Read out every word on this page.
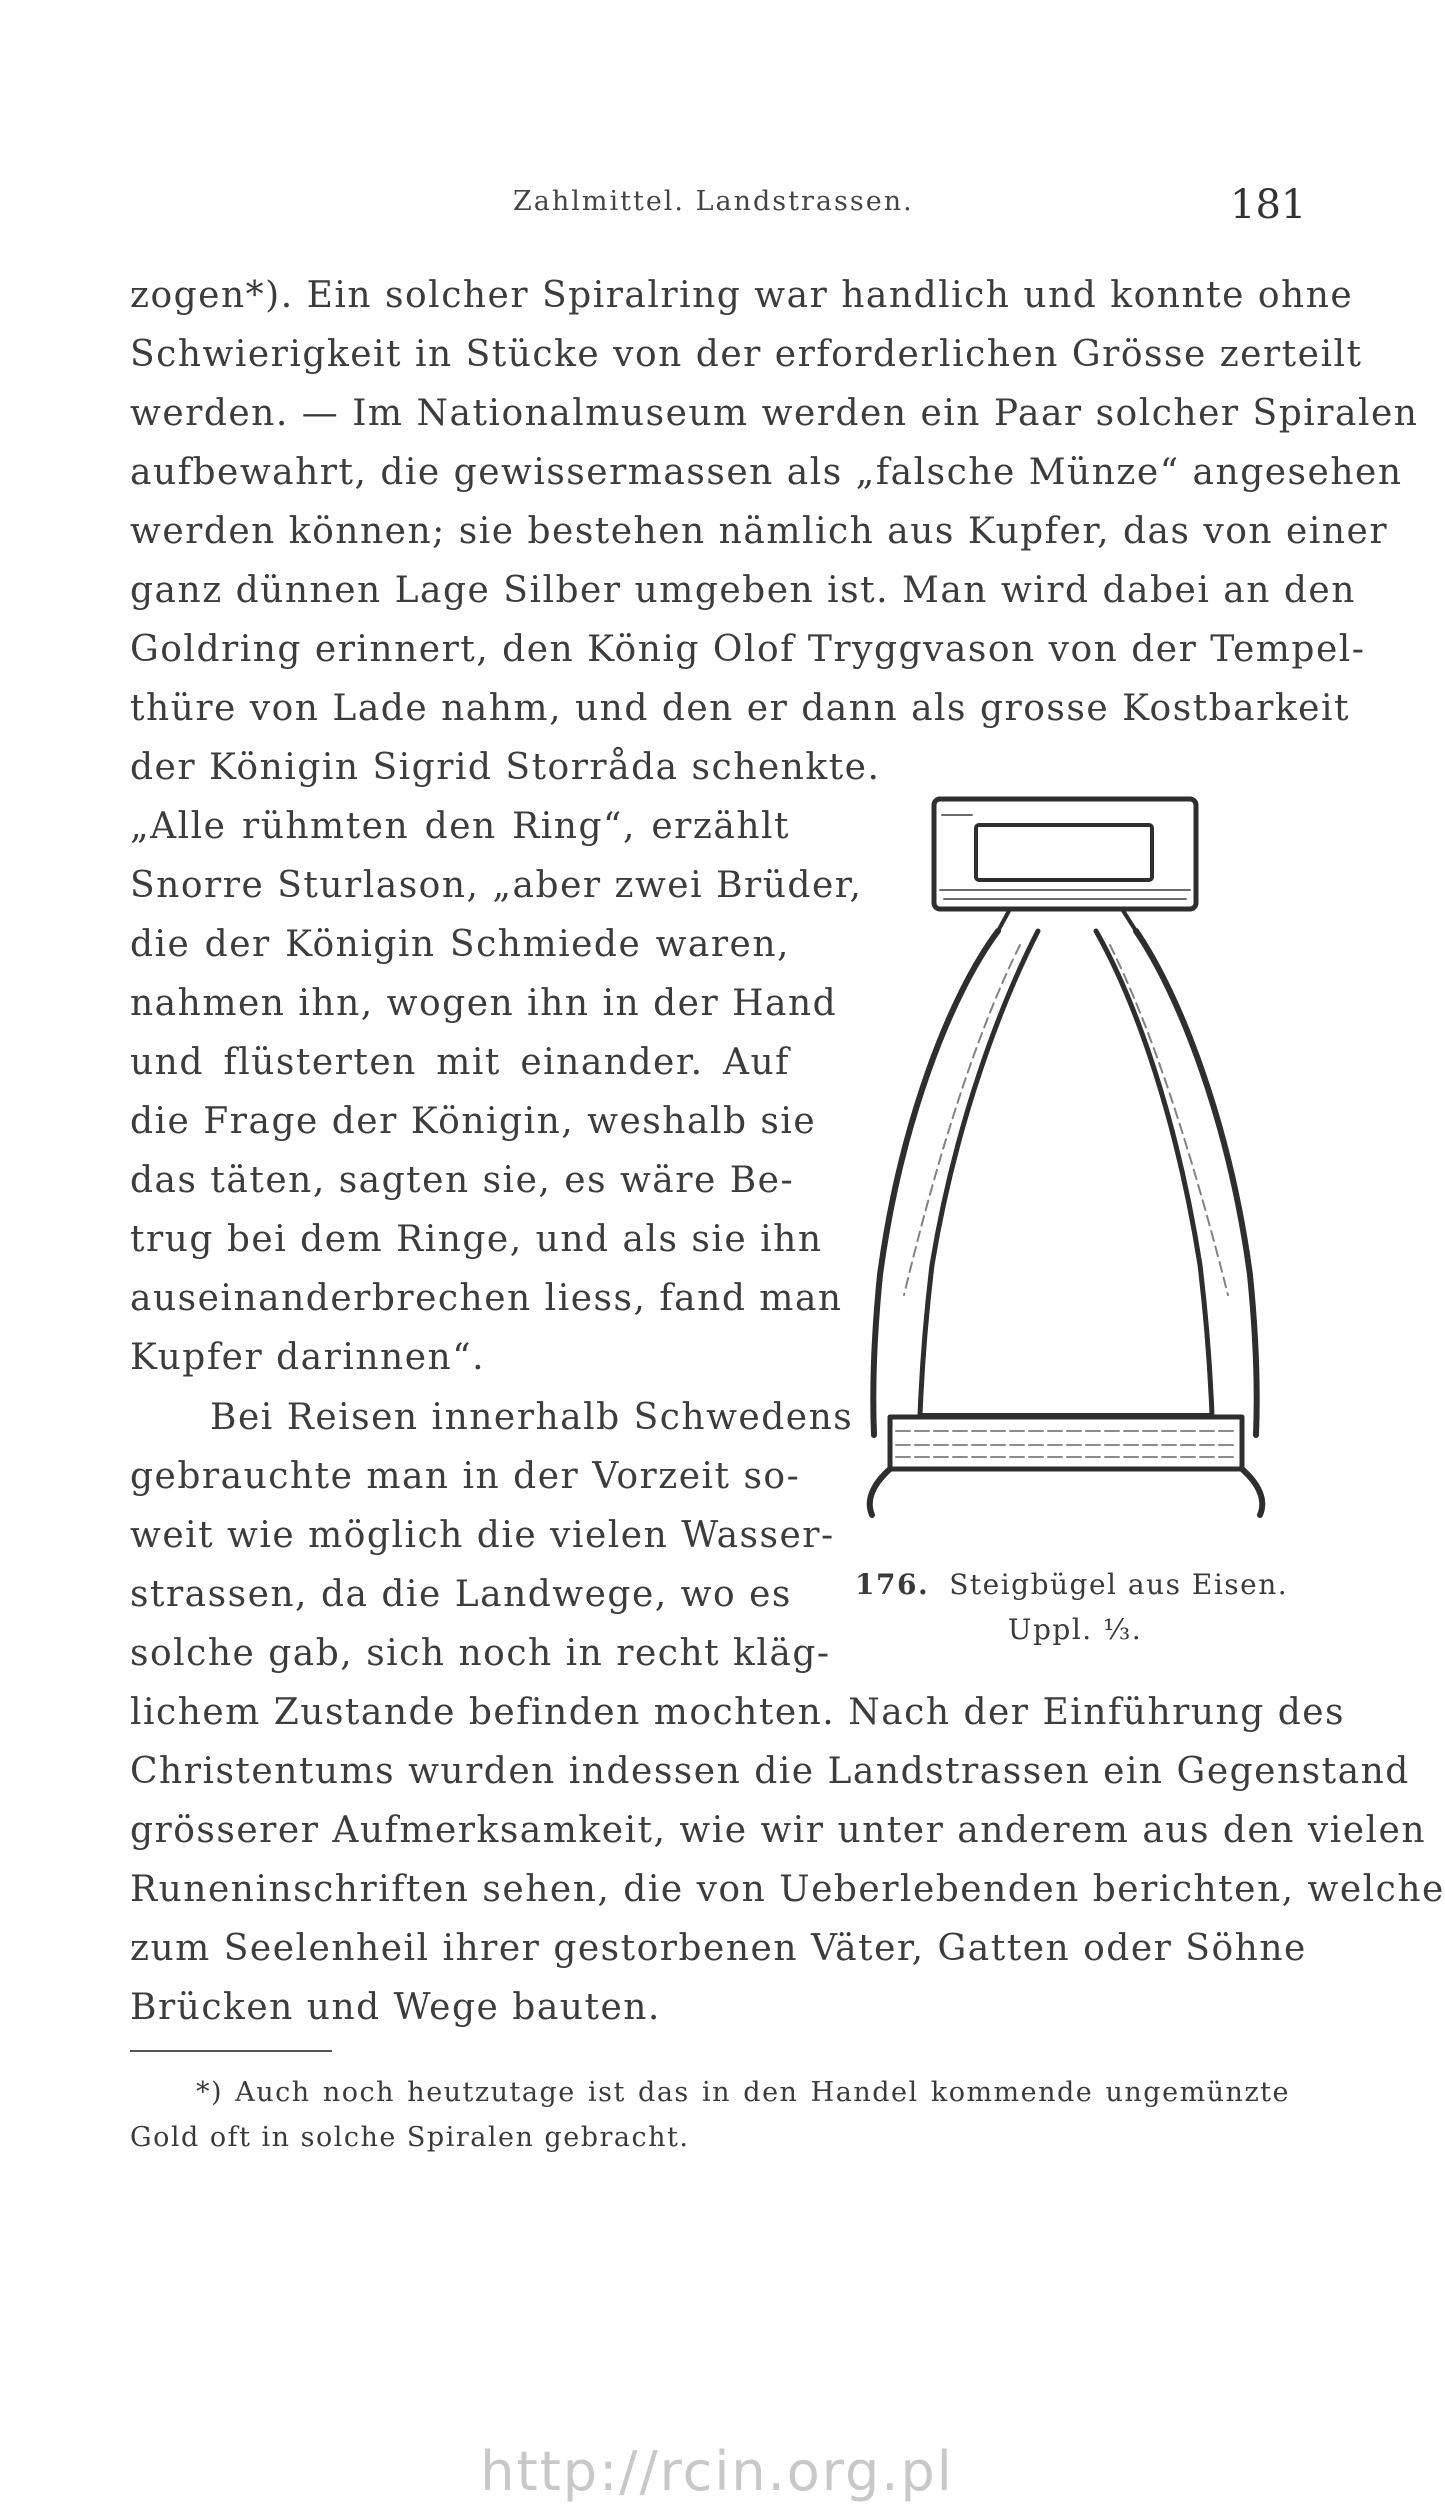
Zahlmittel. Landstrassen.	181
zogen*). Ein solcher Spiralring war handlich und konnte ohne
Schwierigkeit in Stücke von der erforderlichen Grösse zerteilt
werden. — Im Nationalmuseum werden ein Paar solcher Spiralen
aufbewahrt, die gewissermassen als „falsche Münze“ angesehen
werden können; sie bestehen nämlich aus Kupfer, das von einer
ganz dünnen Lage Silber umgeben ist. Man wird dabei an den
Goldring erinnert, den König Olof Tryggvason von der Tempel-
thüre von Lade nahm, und den er dann als grosse Kostbarkeit
der Königin Sigrid Storråda schenkte.
„Alle rühmten den Ring“, erzählt
Snorre Sturlason, „aber zwei Brüder,
die der Königin Schmiede waren,
nahmen ihn, wogen ihn in der Hand
und flüsterten mit einander. Auf
die Frage der Königin, weshalb sie
das täten, sagten sie, es wäre Be-
trug bei dem Ringe, und als sie ihn
auseinanderbrechen liess, fand man
Kupfer darinnen“.
Bei Reisen innerhalb Schwedens
gebrauchte man in der Vorzeit so-
weit wie möglich die vielen Wasser-
strassen, da die Landwege, wo es
solche gab, sich noch in recht kläg-
lichem Zustande befinden mochten. Nach der Einführung des
Christentums wurden indessen die Landstrassen ein Gegenstand
grösserer Aufmerksamkeit, wie wir unter anderem aus den vielen
Runeninschriften sehen, die von Ueberlebenden berichten, welche
zum Seelenheil ihrer gestorbenen Väter, Gatten oder Söhne
Brücken und Wege bauten.
176. Steigbügel aus Eisen.
Uppl. ⅓.
*) Auch noch heutzutage ist das in den Handel kommende ungemünzte
Gold oft in solche Spiralen gebracht.
http://rcin.org.pl
